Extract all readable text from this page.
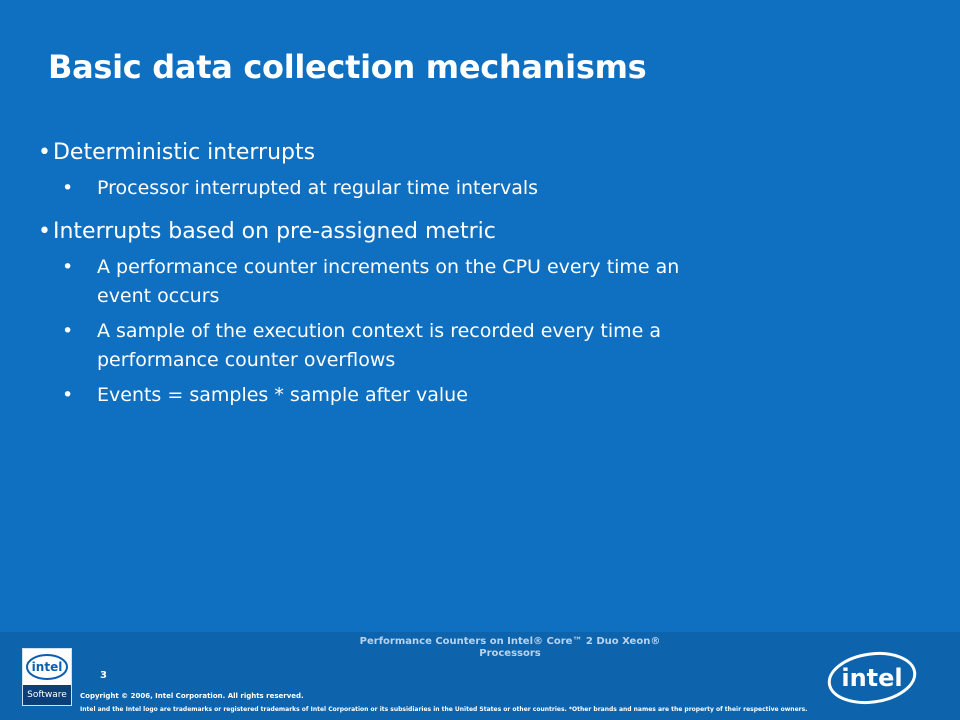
Basic data collection mechanisms
•Deterministic interrupts
• Processor interrupted at regular time intervals
•Interrupts based on pre-assigned metric
• A performance counter increments on the CPU every time an
event occurs
• A sample of the execution context is recorded every time a
performance counter overflows
• Events = samples * sample after value
intel
Software
Performance Counters on Intel® Core™ 2 Duo Xeon®
Processors
3
Copyright © 2006, Intel Corporation. All rights reserved.
Intel and the Intel logo are trademarks or registered trademarks of Intel Corporation or its subsidiaries in the United States or other countries. *Other brands and names are the property of their respective owners.
intel
